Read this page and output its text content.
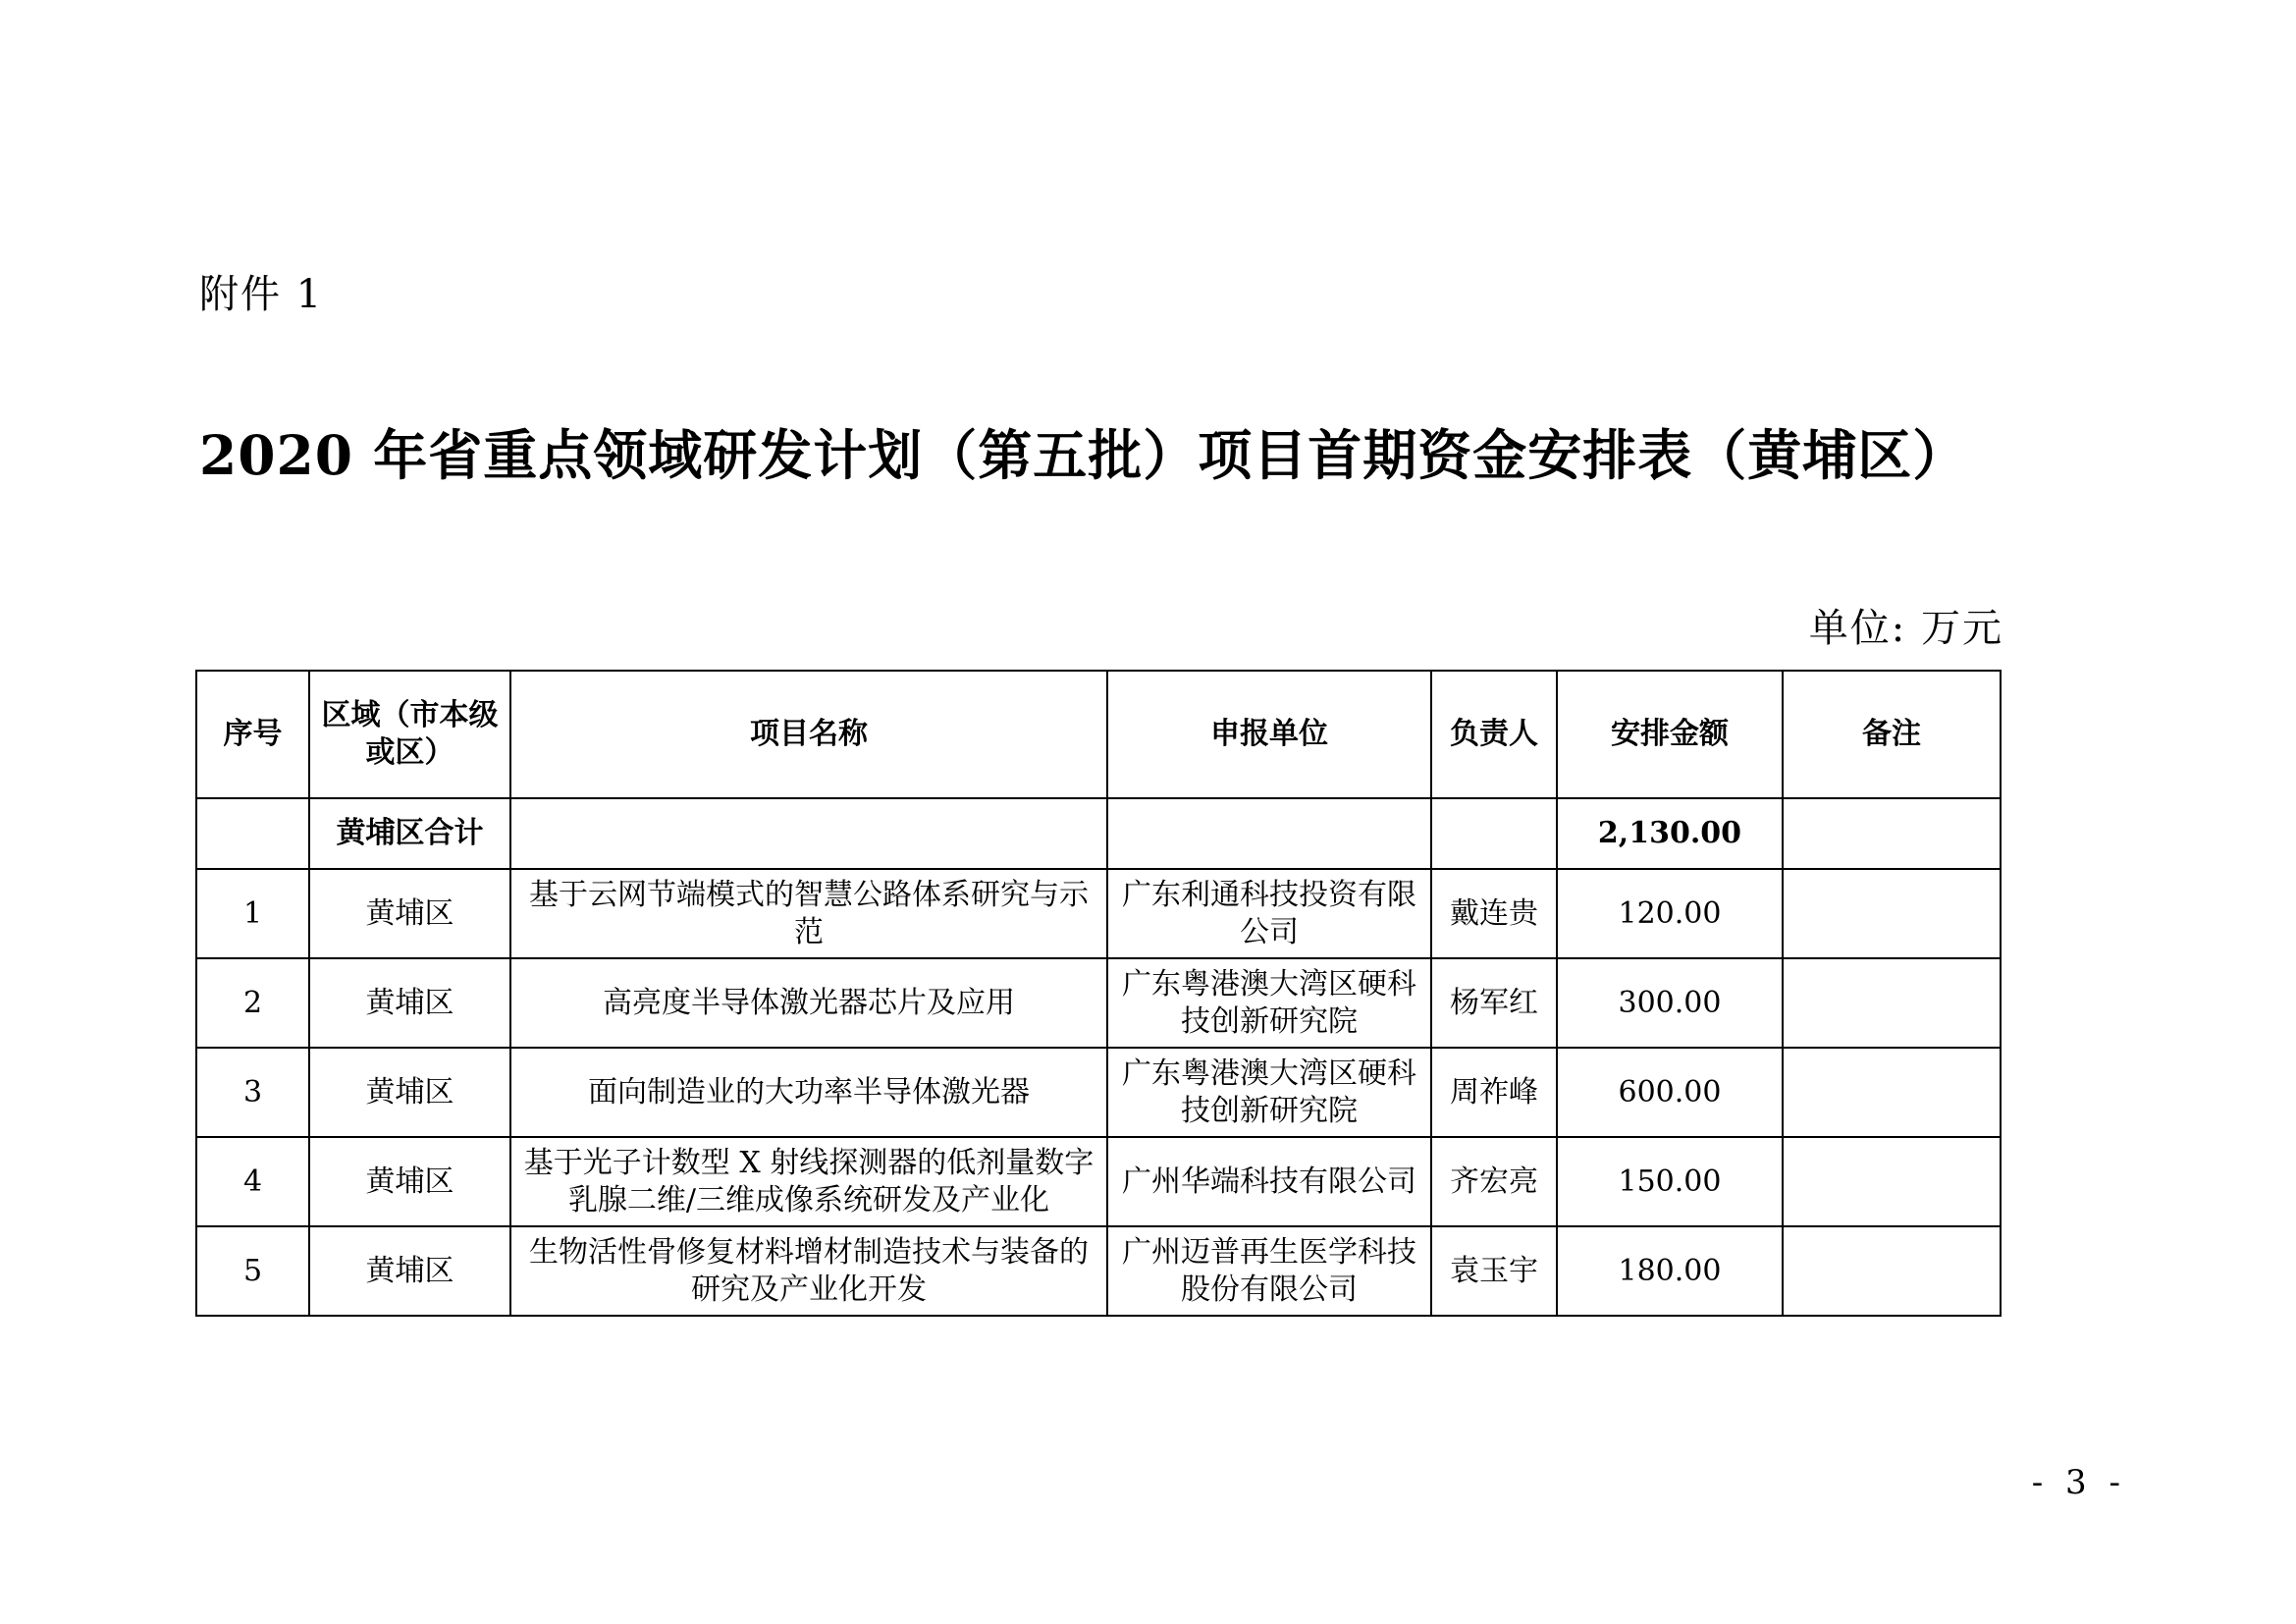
附件 1
2020 年省重点领域研发计划（第五批）项目首期资金安排表（黄埔区）
单位: 万元
序号	区域（市本级或区）	项目名称	申报单位	负责人	安排金额	备注
	黄埔区合计				2,130.00	
1	黄埔区	基于云网节端模式的智慧公路体系研究与示范	广东利通科技投资有限公司	戴连贵	120.00	
2	黄埔区	高亮度半导体激光器芯片及应用	广东粤港澳大湾区硬科技创新研究院	杨军红	300.00	
3	黄埔区	面向制造业的大功率半导体激光器	广东粤港澳大湾区硬科技创新研究院	周祚峰	600.00	
4	黄埔区	基于光子计数型 X 射线探测器的低剂量数字乳腺二维/三维成像系统研发及产业化	广州华端科技有限公司	齐宏亮	150.00	
5	黄埔区	生物活性骨修复材料增材制造技术与装备的研究及产业化开发	广州迈普再生医学科技股份有限公司	袁玉宇	180.00	
- 3 -
